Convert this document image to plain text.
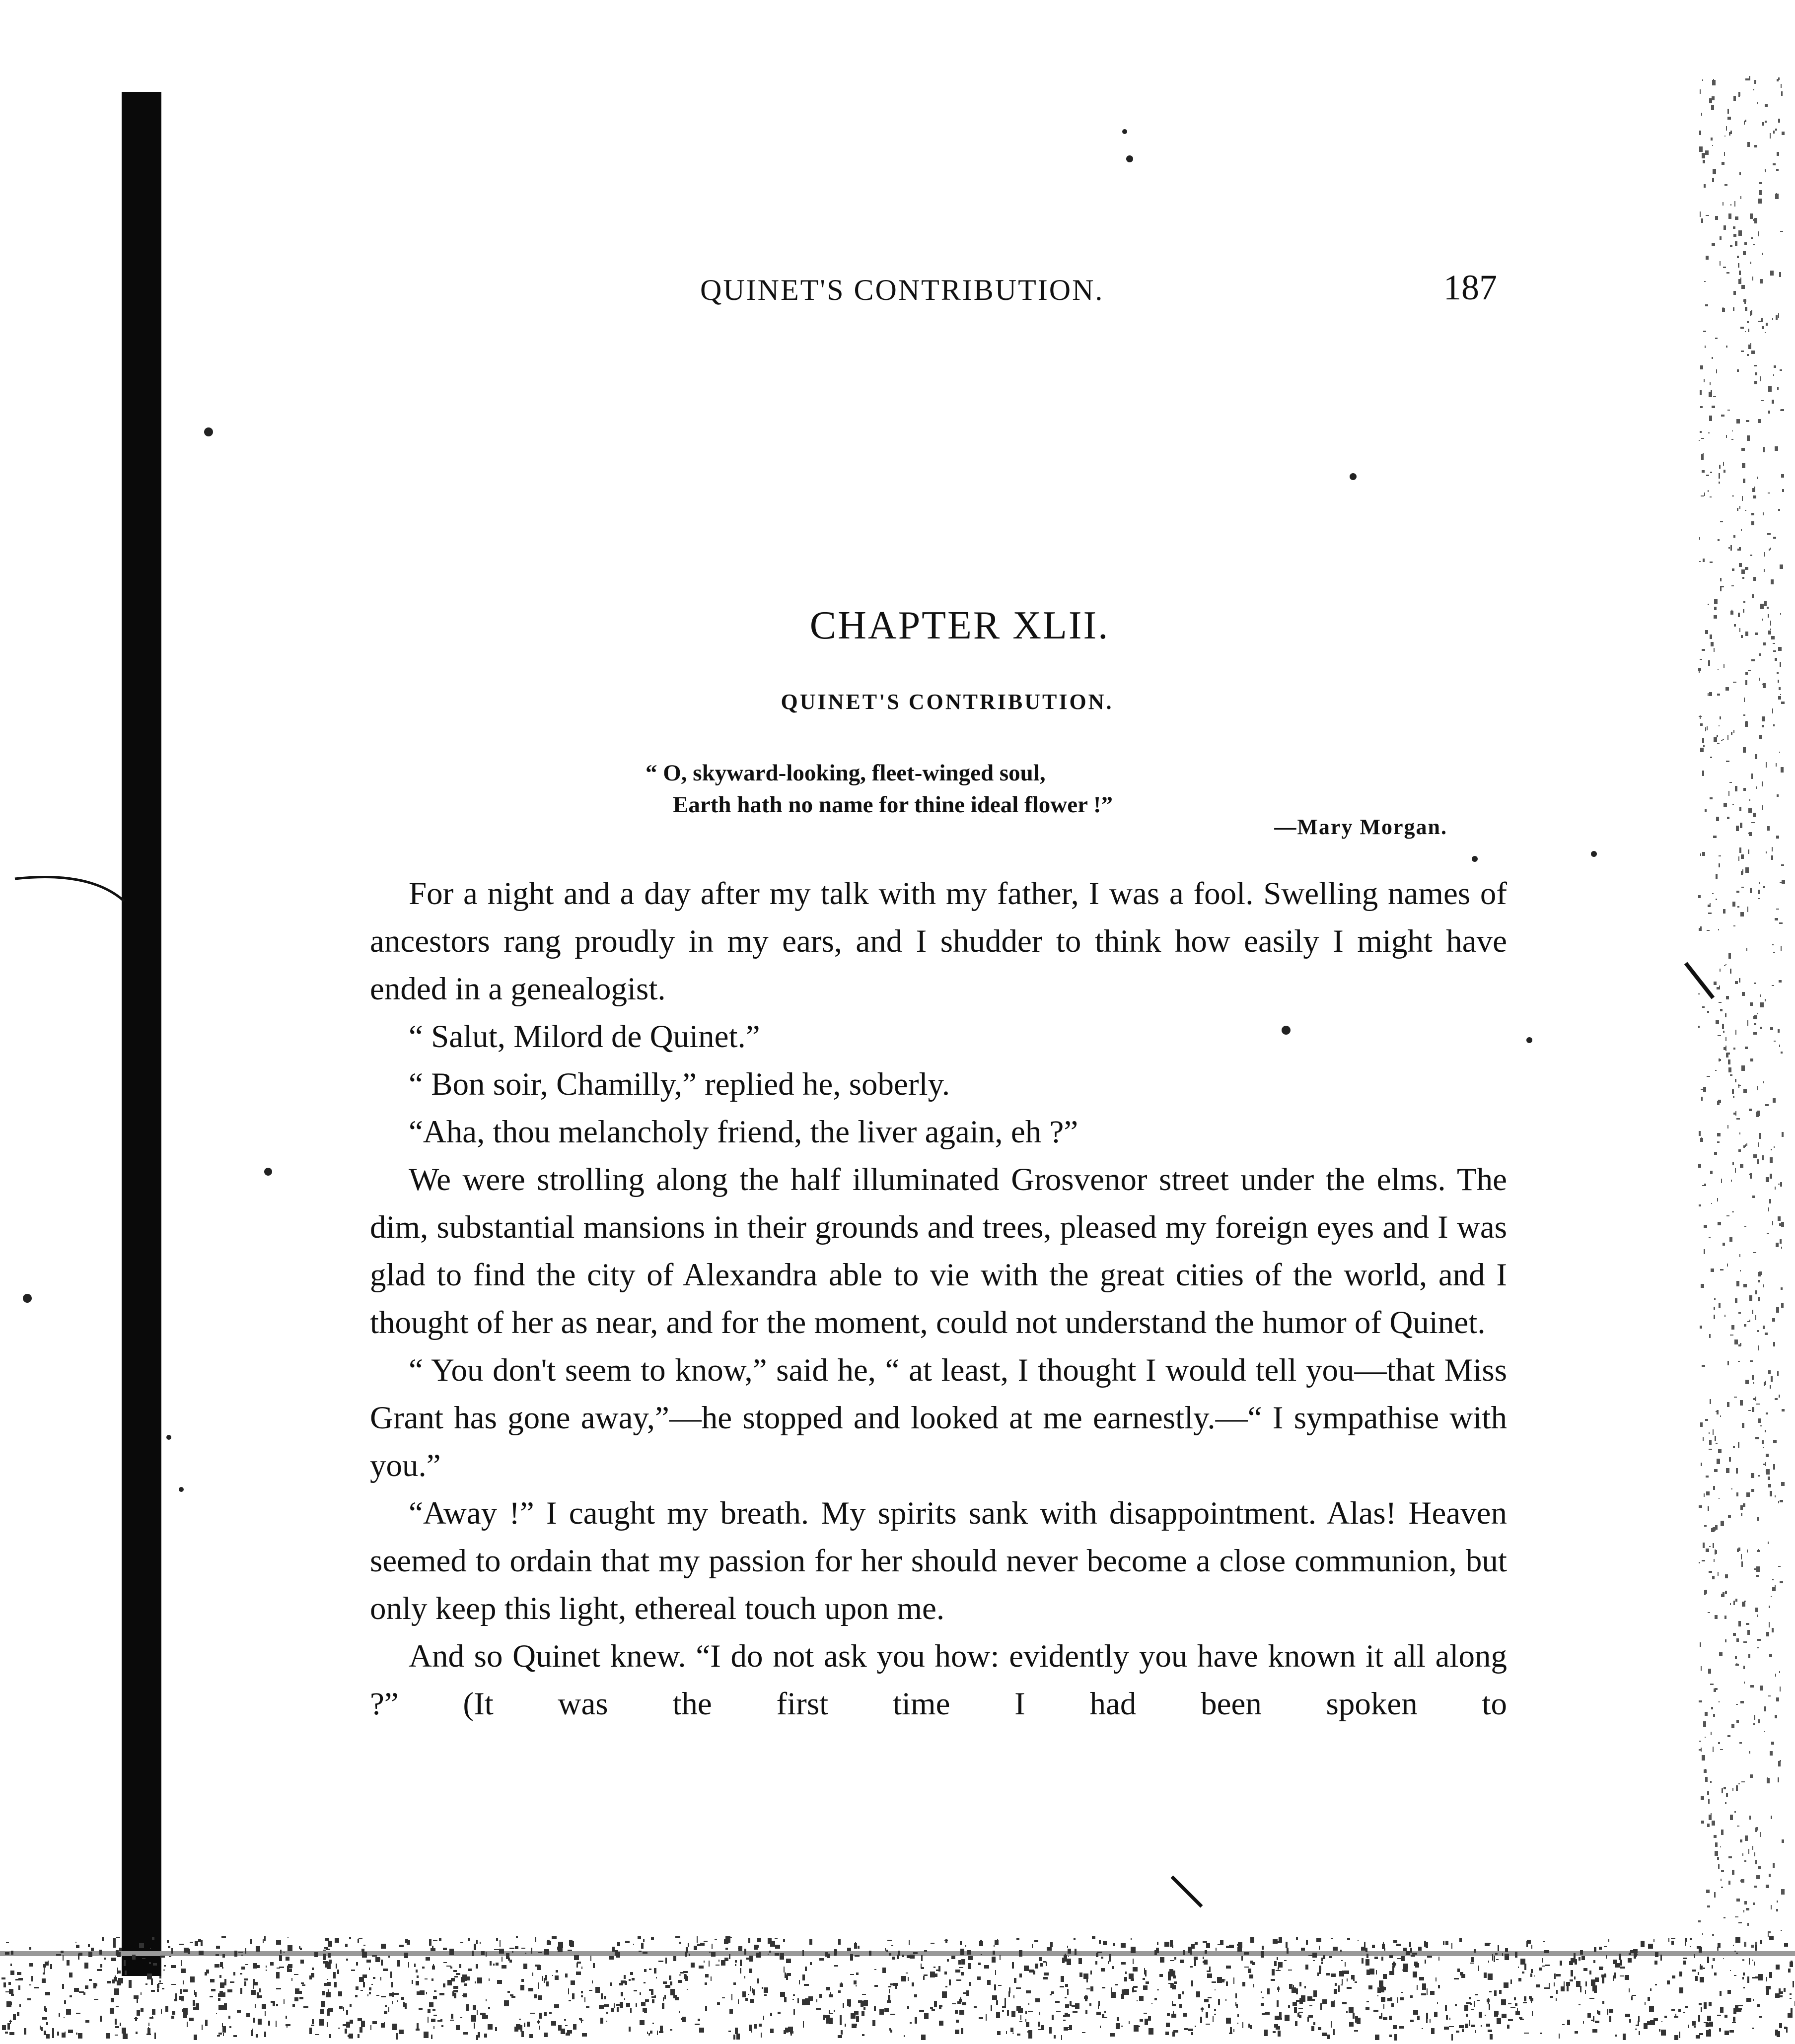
QUINET'S CONTRIBUTION.	187
CHAPTER XLII.
QUINET'S CONTRIBUTION.
“ O, skyward-looking, fleet-winged soul,
Earth hath no name for thine ideal flower !”
—Mary Morgan.

For a night and a day after my talk with my father, I was a fool. Swelling names of ancestors rang proudly in my ears, and I shudder to think how easily I might have ended in a genealogist.

“ Salut, Milord de Quinet.”

“ Bon soir, Chamilly,” replied he, soberly.

“Aha, thou melancholy friend, the liver again, eh ?”

We were strolling along the half illuminated Grosvenor street under the elms. The dim, substantial mansions in their grounds and trees, pleased my foreign eyes and I was glad to find the city of Alexandra able to vie with the great cities of the world, and I thought of her as near, and for the moment, could not understand the humor of Quinet.

“ You don't seem to know,” said he, “ at least, I thought I would tell you—that Miss Grant has gone away,”—he stopped and looked at me earnestly.—“ I sympathise with you.”

“Away !” I caught my breath. My spirits sank with disappointment. Alas! Heaven seemed to ordain that my passion for her should never become a close communion, but only keep this light, ethereal touch upon me.

And so Quinet knew. “I do not ask you how: evidently you have known it all along ?” (It was the first time I had been spoken to
